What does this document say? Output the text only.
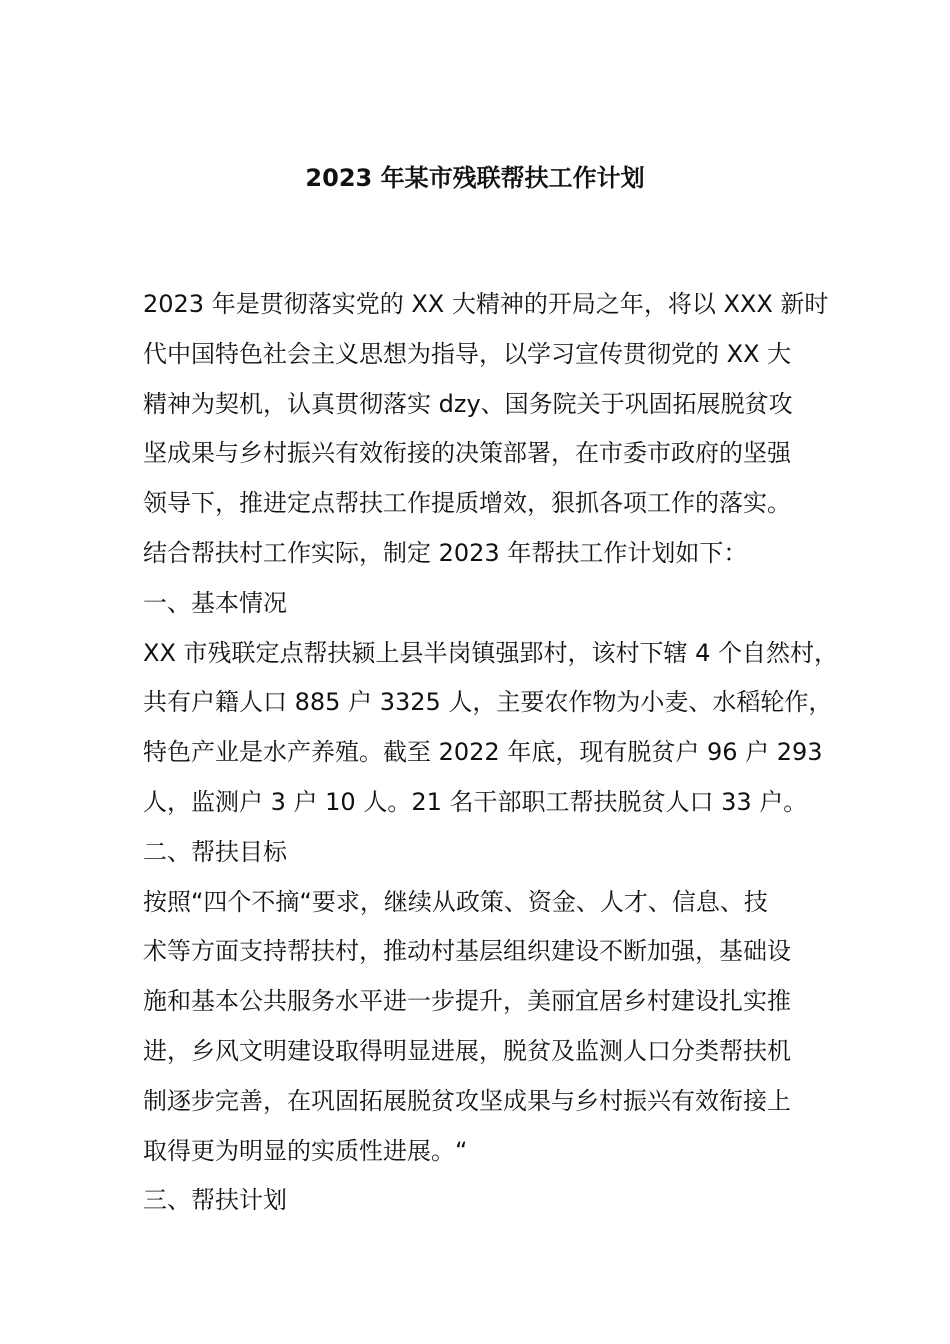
2023 年某市残联帮扶工作计划
2023 年是贯彻落实党的 XX 大精神的开局之年，将以 XXX 新时
代中国特色社会主义思想为指导，以学习宣传贯彻党的 XX 大
精神为契机，认真贯彻落实 dzy、国务院关于巩固拓展脱贫攻
坚成果与乡村振兴有效衔接的决策部署，在市委市政府的坚强
领导下，推进定点帮扶工作提质增效，狠抓各项工作的落实。
结合帮扶村工作实际，制定 2023 年帮扶工作计划如下：
一、基本情况
XX 市残联定点帮扶颍上县半岗镇强郢村，该村下辖 4 个自然村，
共有户籍人口 885 户 3325 人，主要农作物为小麦、水稻轮作，
特色产业是水产养殖。截至 2022 年底，现有脱贫户 96 户 293
人，监测户 3 户 10 人。21 名干部职工帮扶脱贫人口 33 户。
二、帮扶目标
按照“四个不摘“要求，继续从政策、资金、人才、信息、技
术等方面支持帮扶村，推动村基层组织建设不断加强，基础设
施和基本公共服务水平进一步提升，美丽宜居乡村建设扎实推
进，乡风文明建设取得明显进展，脱贫及监测人口分类帮扶机
制逐步完善，在巩固拓展脱贫攻坚成果与乡村振兴有效衔接上
取得更为明显的实质性进展。“
三、帮扶计划
